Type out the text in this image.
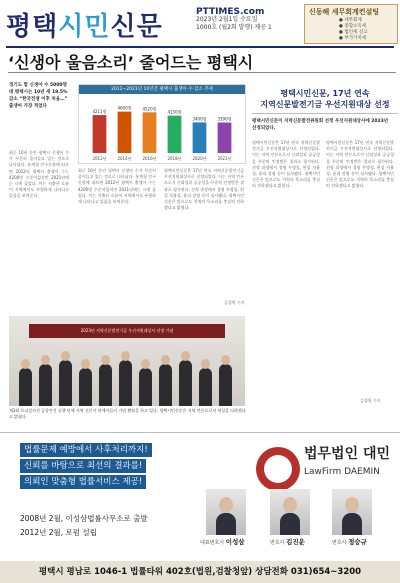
평택시민신문	PTTIMES.com
2023년 2월1일 수요일
1000호 (월2회 발행) 제공 1
신동해 세무회계컨설팅
● 세무회계
● 종합소득세
● 법인세 신고
● 부가가치세
‘신생아 울음소리’ 줄어드는 평택시
경기도 합 신생아 수 5000명대 평택시는 10년 새 19.5% 감소 “한국전쟁 이후 처음…” 출생아 가장 적었다
최근 10년 동안 평택시 신생아 수가 꾸준히 줄어들고 있는 것으로 나타났다. 통계청 인구동향에 따르면 2012년 평택시 출생아 수는 4200명 수준이었지만 2021년에는 크게 줄었다. 이는 저출산 흐름이 지역에서도 뚜렷하게 나타나고 있음을 보여준다.
최근 10년 동안 평택시 신생아 수가 꾸준히 줄어들고 있는 것으로 나타났다. 통계청 인구동향에 따르면 2012년 평택시 출생아 수는 4200명 수준이었지만 2021년에는 크게 줄었다. 이는 저출산 흐름이 지역에서도 뚜렷하게 나타나고 있음을 보여준다.
평택시민신문은 17년 연속 지역신문발전기금 우선지원대상사로 선정되었다. 이는 지역 언론으로서 신뢰성과 공공성을 꾸준히 인정받은 결과로 평가된다. 선정 과정에서 경영 투명성, 편집 자율성, 윤리 강령 등이 심사됐다. 평택시민신문은 앞으로도 지역의 목소리를 충실히 전하겠다고 밝혔다.
2012~2021년 10년간 평택시 출생아 수 감소 추세
4211명
2012년
4600명
2014년
4520명
2016년
4150명
2018년
3400명
2020년
3390명
2021년
평택시민신문, 17년 연속
지역신문발전기금 우선지원대상 선정
평택시민신문이 지역신문발전위원회 선정 우선지원대상사에 2023년 선정되었다.
평택시민신문은 17년 연속 지역신문발전기금 우선지원대상사로 선정되었다. 이는 지역 언론으로서 신뢰성과 공공성을 꾸준히 인정받은 결과로 평가된다. 선정 과정에서 경영 투명성, 편집 자율성, 윤리 강령 등이 심사됐다. 평택시민신문은 앞으로도 지역의 목소리를 충실히 전하겠다고 밝혔다.
평택시민신문은 17년 연속 지역신문발전기금 우선지원대상사로 선정되었다. 이는 지역 언론으로서 신뢰성과 공공성을 꾸준히 인정받은 결과로 평가된다. 선정 과정에서 경영 투명성, 편집 자율성, 윤리 강령 등이 심사됐다. 평택시민신문은 앞으로도 지역의 목소리를 충실히 전하겠다고 밝혔다.
김경원 기자
김경원 기자
2023년 지역신문발전기금 우선지원대상사 선정 기념
제3회 오피셜사진 공종안건 실행 단체 지역 신문사 관계자들이 기념 촬영을 하고 있다. 평택시민신문은 지역 언론으로서 역할을 다하겠다고 밝혔다.
법률문제 예방에서 사후처리까지!
신뢰를 바탕으로 최선의 결과를!
의뢰인 맞춤형 법률서비스 제공!
법무법인 대민
LawFirm DAEMIN
2008년 2월, 이성삼법률사무소로 출발
2012년 2월, 로펌 설립
대표변호사 이성삼	변호사 김진운	변호사 정승규
평택시 평남로 1046-1 법률타워 402호(법원,검찰청앞) 상담전화 031)654~3200
